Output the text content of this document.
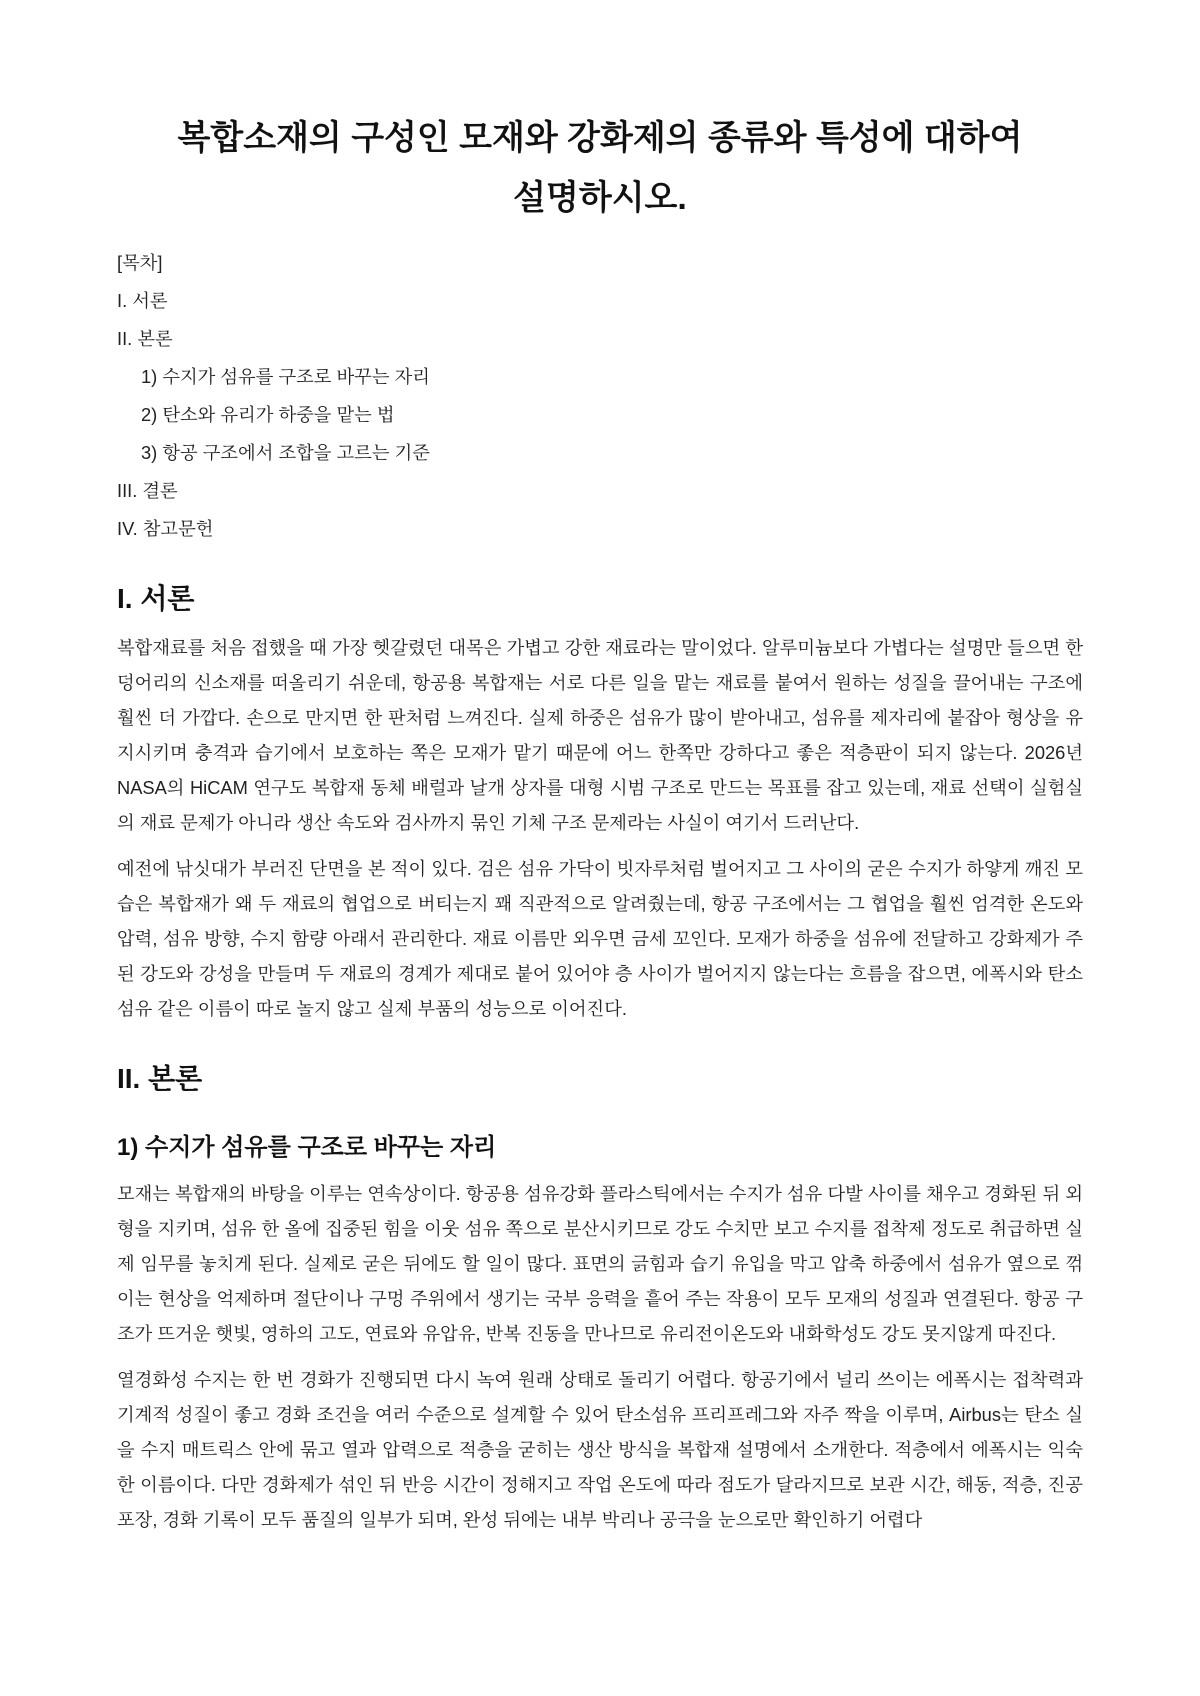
복합소재의 구성인 모재와 강화제의 종류와 특성에 대하여 설명하시오.
[목차]
I. 서론
II. 본론
1) 수지가 섬유를 구조로 바꾸는 자리
2) 탄소와 유리가 하중을 맡는 법
3) 항공 구조에서 조합을 고르는 기준
III. 결론
IV. 참고문헌
I. 서론

복합재료를 처음 접했을 때 가장 헷갈렸던 대목은 가볍고 강한 재료라는 말이었다. 알루미늄보다 가볍다는 설명만 들으면 한 덩어리의 신소재를 떠올리기 쉬운데, 항공용 복합재는 서로 다른 일을 맡는 재료를 붙여서 원하는 성질을 끌어내는 구조에 훨씬 더 가깝다. 손으로 만지면 한 판처럼 느껴진다. 실제 하중은 섬유가 많이 받아내고, 섬유를 제자리에 붙잡아 형상을 유지시키며 충격과 습기에서 보호하는 쪽은 모재가 맡기 때문에 어느 한쪽만 강하다고 좋은 적층판이 되지 않는다. 2026년 NASA의 HiCAM 연구도 복합재 동체 배럴과 날개 상자를 대형 시범 구조로 만드는 목표를 잡고 있는데, 재료 선택이 실험실의 재료 문제가 아니라 생산 속도와 검사까지 묶인 기체 구조 문제라는 사실이 여기서 드러난다.

예전에 낚싯대가 부러진 단면을 본 적이 있다. 검은 섬유 가닥이 빗자루처럼 벌어지고 그 사이의 굳은 수지가 하얗게 깨진 모습은 복합재가 왜 두 재료의 협업으로 버티는지 꽤 직관적으로 알려줬는데, 항공 구조에서는 그 협업을 훨씬 엄격한 온도와 압력, 섬유 방향, 수지 함량 아래서 관리한다. 재료 이름만 외우면 금세 꼬인다. 모재가 하중을 섬유에 전달하고 강화제가 주된 강도와 강성을 만들며 두 재료의 경계가 제대로 붙어 있어야 층 사이가 벌어지지 않는다는 흐름을 잡으면, 에폭시와 탄소섬유 같은 이름이 따로 놀지 않고 실제 부품의 성능으로 이어진다.

II. 본론
1) 수지가 섬유를 구조로 바꾸는 자리

모재는 복합재의 바탕을 이루는 연속상이다. 항공용 섬유강화 플라스틱에서는 수지가 섬유 다발 사이를 채우고 경화된 뒤 외형을 지키며, 섬유 한 올에 집중된 힘을 이웃 섬유 쪽으로 분산시키므로 강도 수치만 보고 수지를 접착제 정도로 취급하면 실제 임무를 놓치게 된다. 실제로 굳은 뒤에도 할 일이 많다. 표면의 긁힘과 습기 유입을 막고 압축 하중에서 섬유가 옆으로 꺾이는 현상을 억제하며 절단이나 구멍 주위에서 생기는 국부 응력을 흩어 주는 작용이 모두 모재의 성질과 연결된다. 항공 구조가 뜨거운 햇빛, 영하의 고도, 연료와 유압유, 반복 진동을 만나므로 유리전이온도와 내화학성도 강도 못지않게 따진다.

열경화성 수지는 한 번 경화가 진행되면 다시 녹여 원래 상태로 돌리기 어렵다. 항공기에서 널리 쓰이는 에폭시는 접착력과 기계적 성질이 좋고 경화 조건을 여러 수준으로 설계할 수 있어 탄소섬유 프리프레그와 자주 짝을 이루며, Airbus는 탄소 실을 수지 매트릭스 안에 묶고 열과 압력으로 적층을 굳히는 생산 방식을 복합재 설명에서 소개한다. 적층에서 에폭시는 익숙한 이름이다. 다만 경화제가 섞인 뒤 반응 시간이 정해지고 작업 온도에 따라 점도가 달라지므로 보관 시간, 해동, 적층, 진공 포장, 경화 기록이 모두 품질의 일부가 되며, 완성 뒤에는 내부 박리나 공극을 눈으로만 확인하기 어렵다
